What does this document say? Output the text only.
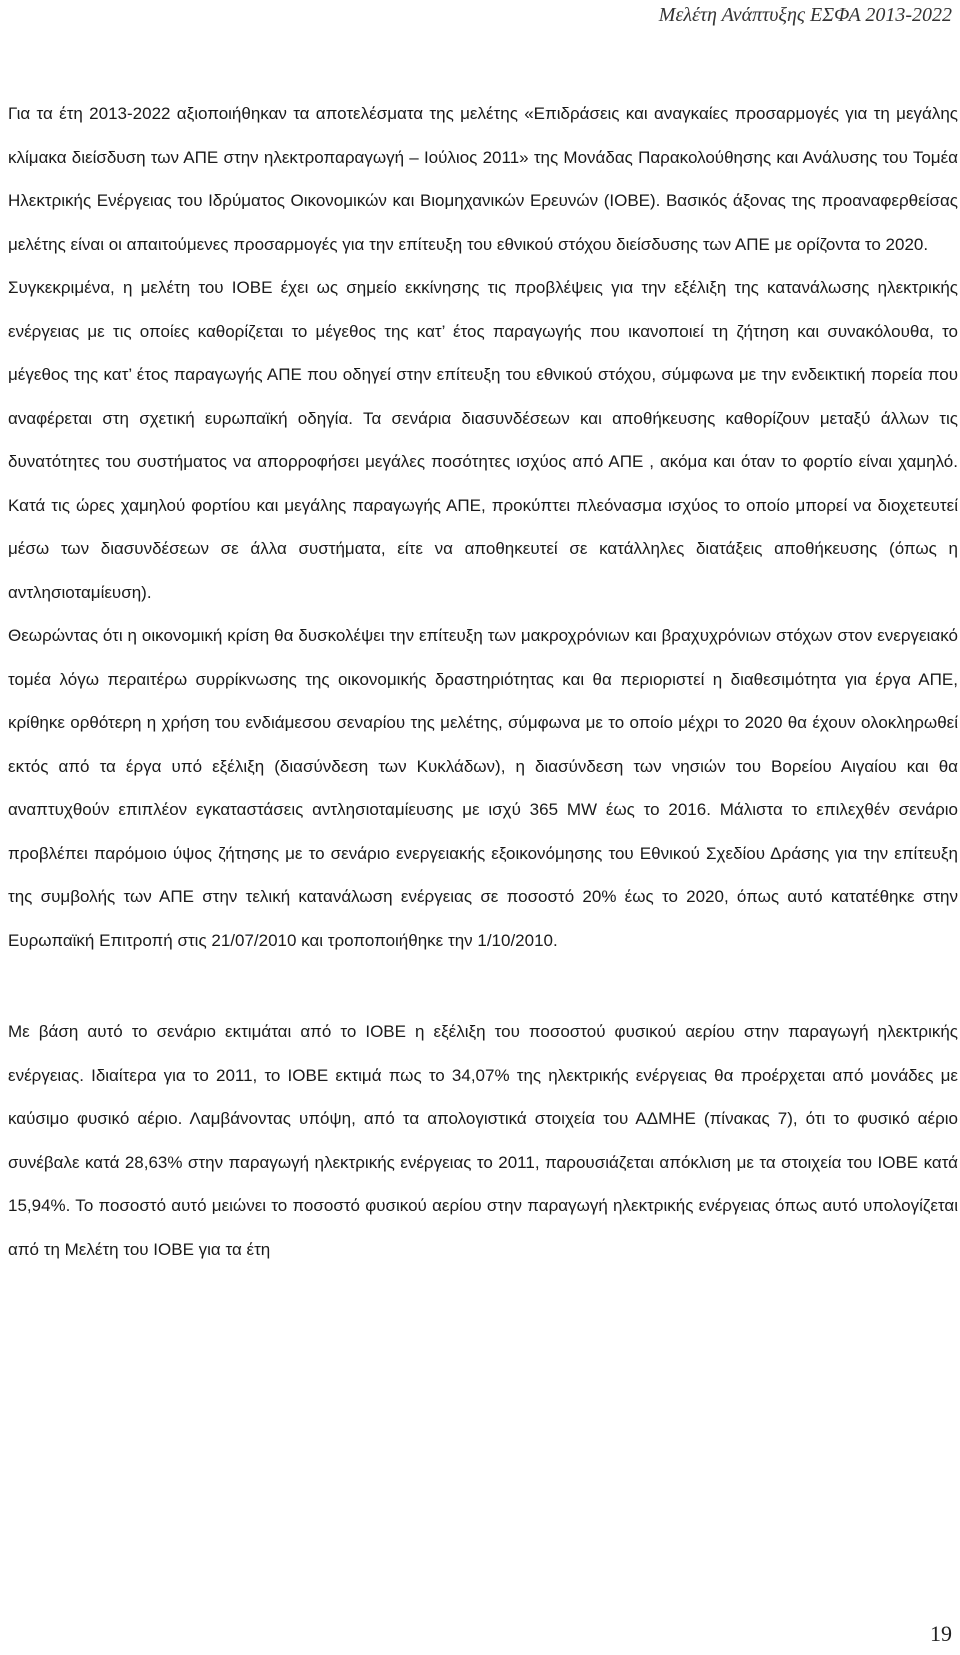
Μελέτη Ανάπτυξης ΕΣΦΑ 2013-2022

Για τα έτη 2013-2022 αξιοποιήθηκαν τα αποτελέσματα της μελέτης «Επιδράσεις και αναγκαίες προσαρμογές για τη μεγάλης κλίμακα διείσδυση των ΑΠΕ στην ηλεκτροπαραγωγή – Ιούλιος 2011» της Μονάδας Παρακολούθησης και Ανάλυσης του Τομέα Ηλεκτρικής Ενέργειας του Ιδρύματος Οικονομικών και Βιομηχανικών Ερευνών (ΙΟΒΕ). Βασικός άξονας της προαναφερθείσας μελέτης είναι οι απαιτούμενες προσαρμογές για την επίτευξη του εθνικού στόχου διείσδυσης των ΑΠΕ με ορίζοντα το 2020.

Συγκεκριμένα, η μελέτη του ΙΟΒΕ έχει ως σημείο εκκίνησης τις προβλέψεις για την εξέλιξη της κατανάλωσης ηλεκτρικής ενέργειας με τις οποίες καθορίζεται το μέγεθος της κατ’ έτος παραγωγής που ικανοποιεί τη ζήτηση και συνακόλουθα, το μέγεθος της κατ’ έτος παραγωγής ΑΠΕ που οδηγεί στην επίτευξη του εθνικού στόχου, σύμφωνα με την ενδεικτική πορεία που αναφέρεται στη σχετική ευρωπαϊκή οδηγία. Τα σενάρια διασυνδέσεων και αποθήκευσης καθορίζουν μεταξύ άλλων τις δυνατότητες του συστήματος να απορροφήσει μεγάλες ποσότητες ισχύος από ΑΠΕ , ακόμα και όταν το φορτίο είναι χαμηλό. Κατά τις ώρες χαμηλού φορτίου και μεγάλης παραγωγής ΑΠΕ, προκύπτει πλεόνασμα ισχύος το οποίο μπορεί να διοχετευτεί μέσω των διασυνδέσεων σε άλλα συστήματα, είτε να αποθηκευτεί σε κατάλληλες διατάξεις αποθήκευσης (όπως η αντλησιοταμίευση).

Θεωρώντας ότι η οικονομική κρίση θα δυσκολέψει την επίτευξη των μακροχρόνιων και βραχυχρόνιων στόχων στον ενεργειακό τομέα λόγω περαιτέρω συρρίκνωσης της οικονομικής δραστηριότητας και θα περιοριστεί η διαθεσιμότητα για έργα ΑΠΕ, κρίθηκε ορθότερη η χρήση του ενδιάμεσου σεναρίου της μελέτης, σύμφωνα με το οποίο μέχρι το 2020 θα έχουν ολοκληρωθεί εκτός από τα έργα υπό εξέλιξη (διασύνδεση των Κυκλάδων), η διασύνδεση των νησιών του Βορείου Αιγαίου και θα αναπτυχθούν επιπλέον εγκαταστάσεις αντλησιοταμίευσης με ισχύ 365 MW έως το 2016. Μάλιστα το επιλεχθέν σενάριο προβλέπει παρόμοιο ύψος ζήτησης με το σενάριο ενεργειακής εξοικονόμησης του Εθνικού Σχεδίου Δράσης για την επίτευξη της συμβολής των ΑΠΕ στην τελική κατανάλωση ενέργειας σε ποσοστό 20% έως το 2020, όπως αυτό κατατέθηκε στην Ευρωπαϊκή Επιτροπή στις 21/07/2010 και τροποποιήθηκε την 1/10/2010.

Με βάση αυτό το σενάριο εκτιμάται από το ΙΟΒΕ η εξέλιξη του ποσοστού φυσικού αερίου στην παραγωγή ηλεκτρικής ενέργειας. Ιδιαίτερα για το 2011, το ΙΟΒΕ εκτιμά πως το 34,07% της ηλεκτρικής ενέργειας θα προέρχεται από μονάδες με καύσιμο φυσικό αέριο. Λαμβάνοντας υπόψη, από τα απολογιστικά στοιχεία του ΑΔΜΗΕ (πίνακας 7), ότι το φυσικό αέριο συνέβαλε κατά 28,63% στην παραγωγή ηλεκτρικής ενέργειας το 2011, παρουσιάζεται απόκλιση με τα στοιχεία του ΙΟΒΕ κατά 15,94%. Το ποσοστό αυτό μειώνει το ποσοστό φυσικού αερίου στην παραγωγή ηλεκτρικής ενέργειας όπως αυτό υπολογίζεται από τη Μελέτη του ΙΟΒΕ για τα έτη

19
